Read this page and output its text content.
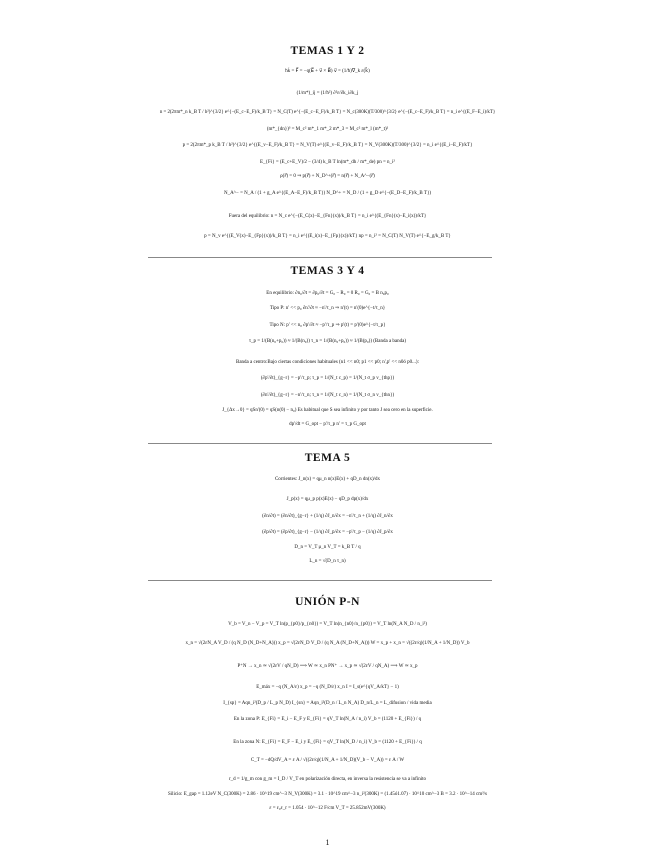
TEMAS 1 Y 2
ħk̇ = F⃗ = −q(E⃗ + v⃗ × B⃗) v⃗ = (1/ħ)∇_k ε(k⃗)
(1/m*)_ij = (1/ħ²) ∂²ε/∂k_i∂k_j
n = 2(2πm*_n k_B T / h²)^{3/2} e^{−(E_c−E_F)/k_B T} = N_C(T) e^{−(E_c−E_F)/k_B T} = N_c(300K)(T/300)^{3/2} e^{−(E_c−E_F)/k_B T} = n_i e^{(E_F−E_i)/kT}
(m*_{dn})³ = M_c² m*_1 m*_2 m*_3 = M_c² m*_l (m*_t)²
p = 2(2πm*_p k_B T / h²)^{3/2} e^{(E_v−E_F)/k_B T} = N_V(T) e^{(E_v−E_F)/k_B T} = N_V(300K)(T/300)^{3/2} = n_i e^{(E_i−E_F)/kT}
E_{Fi} = (E_c+E_V)/2 − (3/4) k_B T ln(m*_dh / m*_de) pn = n_i²
ρ(r⃗) = 0 ⇒ p(r⃗) + N_D^+(r⃗) = n(r⃗) + N_A^−(r⃗)
N_A^− = N_A / (1 + g_A e^{(E_A−E_F)/k_B T}) N_D^+ = N_D / (1 + g_D e^{−(E_D−E_F)/k_B T})
Fuera del equilibrio: n = N_c e^{−(E_C(x)−E_{Fn}(x))/k_B T} = n_i e^{(E_{Fn}(x)−E_i(x))/kT}
p = N_v e^{(E_V(x)−E_{Fp}(x))/k_B T} = n_i e^{(E_i(x)−E_{Fp}(x))/kT} np = n_i² = N_C(T) N_V(T) e^{−E_g/k_B T}
TEMAS 3 Y 4
En equilibrio: ∂n₀/∂t = ∂p₀/∂t = G₀ − R₀ = 0 R₀ = G₀ = B n₀p₀
Tipo P: n' << p₀ ∂n'/∂t ≈ −n'/τ_n ⇒ n'(t) = n'(0)e^{−t/τ_n}
Tipo N: p' << n₀ ∂p'/∂t ≈ −p'/τ_p ⇒ p'(t) = p'(0)e^{−t/τ_p}
τ_p = 1/(B(n₀+p₀)) ≈ 1/(B(n₀)) τ_n = 1/(B(n₀+p₀)) ≈ 1/(B(p₀)) (Banda a banda)
Banda a centro:Bajo ciertas condiciones habituales (n1 << n0; p1 << p0; n',p' << n0ó p0...):
(∂p'/∂t)_{g−r} = −p'/τ_p; τ_p = 1/(N_t c_p) = 1/(N_t σ_p v_{thp})
(∂n'/∂t)_{g−r} = −n'/τ_n; τ_n = 1/(N_t c_n) = 1/(N_t σ_n v_{thn})
J_{Δx→0} = qSn'(0) = qS(n(0) − n₀) Es habitual que S sea infinito y por tanto J sea cero en la superficie.
dp'/dt = G_opt − p'/τ_p n' = τ_p G_opt
TEMA 5
Corrientes: J_n(x) = qμ_n n(x)E(x) + qD_n dn(x)/dx
J_p(x) = qμ_p p(x)E(x) − qD_p dp(x)/dx
(∂n/∂t) = (∂n/∂t)_{g−r} + (1/q) ∂J_n/∂x = −n'/τ_n + (1/q) ∂J_n/∂x
(∂p/∂t) = (∂p/∂t)_{g−r} − (1/q) ∂J_p/∂x = −p'/τ_p − (1/q) ∂J_p/∂x
D_n = V_T μ_n V_T = k_B T / q
L_n = √(D_n τ_n)
UNIÓN P-N
V_b = V_n − V_p = V_T ln(p_{p0}/p_{n0}) = V_T ln(n_{n0}/n_{p0}) = V_T ln(N_A N_D / n_i²)
x_n = √(2εN_A V_D / (q N_D (N_D+N_A))) x_p = √(2εN_D V_D / (q N_A (N_D+N_A))) W = x_p + x_n = √((2ε/q)(1/N_A + 1/N_D)) V_b
P⁺N → x_n ≃ √(2εV / qN_D) ⟹ W ≃ x_n PN⁺ → x_p ≃ √(2εV / qN_A) ⟹ W ≃ x_p
E_máx = −q (N_A/ε) x_p = −q (N_D/ε) x_n I = I_s(e^{qV_A/kT} − 1)
I_{sp} = Aqn_i²(D_p / L_p N_D) I_{sn} = Aqn_i²(D_n / L_n N_A) D_n/L_n = L_difusion / vida media
En la zona P: E_{Fi} = E_i − E_F y E_{Fi} = qV_T ln(N_A / n_i) V_b = (1120 + E_{Fi}) / q
En la zona N: E_{Fi} = E_F − E_i y E_{Fi} = qV_T ln(N_D / n_i) V_b = (1120 + E_{Fi}) / q
C_T = −dQ/dV_A = ε A / √((2ε/q)(1/N_A + 1/N_D)(V_b − V_A)) = ε A / W
r_d = 1/g_m con g_m = I_D / V_T en polarización directa, en inversa la resistencia se va a infinito
Silicio: E_gap = 1.12eV N_C(300K) = 2.86 · 10^19 cm^−3 N_V(300K) = 3.1 · 10^19 cm^−3 n_i²(300K) = (1.45ó1.07) · 10^10 cm^−3 B = 3.2 · 10^−14 cm³/s
ε = ε₀ε_r = 1.054 · 10^−12 F/cm V_T = 25.852mV(300K)
1
